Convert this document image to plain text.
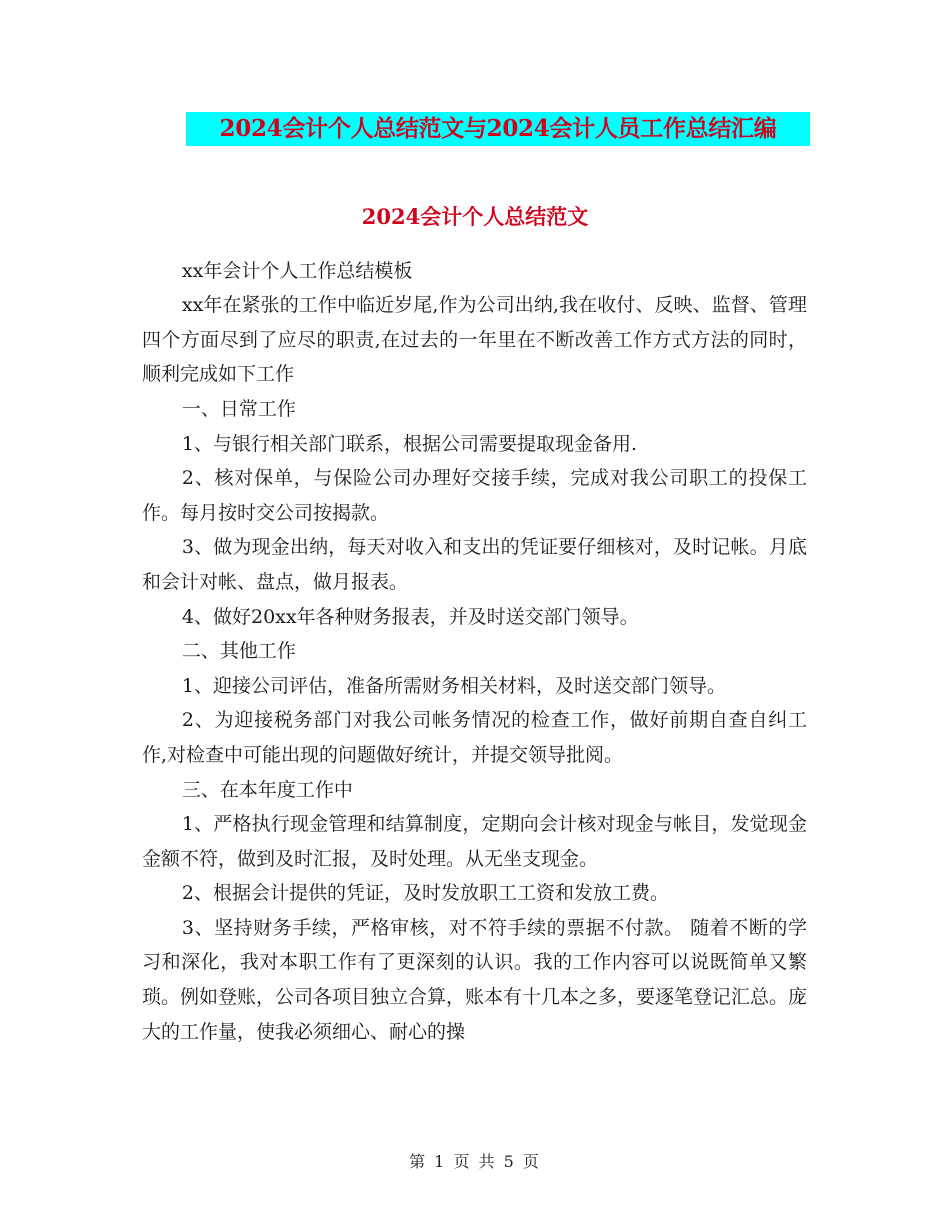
2024会计个人总结范文与2024会计人员工作总结汇编
2024会计个人总结范文

xx年会计个人工作总结模板

xx年在紧张的工作中临近岁尾,作为公司出纳,我在收付、反映、监督、管理四个方面尽到了应尽的职责,在过去的一年里在不断改善工作方式方法的同时，顺利完成如下工作

一、日常工作

1、与银行相关部门联系，根据公司需要提取现金备用.

2、核对保单，与保险公司办理好交接手续，完成对我公司职工的投保工作。每月按时交公司按揭款。

3、做为现金出纳，每天对收入和支出的凭证要仔细核对，及时记帐。月底和会计对帐、盘点，做月报表。

4、做好20xx年各种财务报表，并及时送交部门领导。

二、其他工作

1、迎接公司评估，准备所需财务相关材料，及时送交部门领导。

2、为迎接税务部门对我公司帐务情况的检查工作，做好前期自查自纠工作,对检查中可能出现的问题做好统计，并提交领导批阅。

三、在本年度工作中

1、严格执行现金管理和结算制度，定期向会计核对现金与帐目，发觉现金金额不符，做到及时汇报，及时处理。从无坐支现金。

2、根据会计提供的凭证，及时发放职工工资和发放工费。

3、坚持财务手续，严格审核，对不符手续的票据不付款。 随着不断的学习和深化，我对本职工作有了更深刻的认识。我的工作内容可以说既简单又繁琐。例如登账，公司各项目独立合算，账本有十几本之多，要逐笔登记汇总。庞大的工作量，使我必须细心、耐心的操

第 1 页 共 5 页
